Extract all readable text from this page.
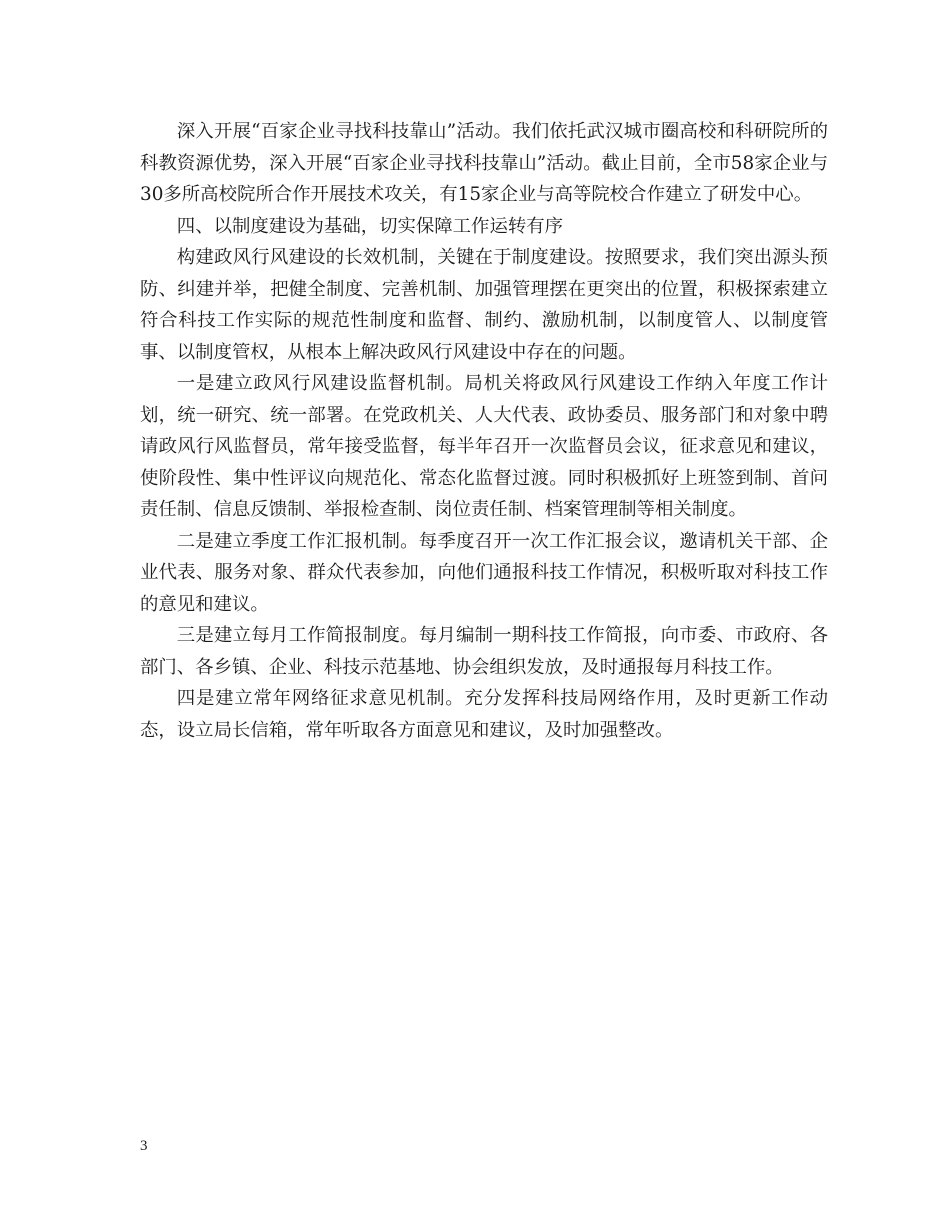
深入开展“百家企业寻找科技靠山”活动。我们依托武汉城市圈高校和科研院所的科教资源优势，深入开展“百家企业寻找科技靠山”活动。截止目前，全市58家企业与30多所高校院所合作开展技术攻关，有15家企业与高等院校合作建立了研发中心。

四、以制度建设为基础，切实保障工作运转有序

构建政风行风建设的长效机制，关键在于制度建设。按照要求，我们突出源头预防、纠建并举，把健全制度、完善机制、加强管理摆在更突出的位置，积极探索建立符合科技工作实际的规范性制度和监督、制约、激励机制，以制度管人、以制度管事、以制度管权，从根本上解决政风行风建设中存在的问题。

一是建立政风行风建设监督机制。局机关将政风行风建设工作纳入年度工作计划，统一研究、统一部署。在党政机关、人大代表、政协委员、服务部门和对象中聘请政风行风监督员，常年接受监督，每半年召开一次监督员会议，征求意见和建议，使阶段性、集中性评议向规范化、常态化监督过渡。同时积极抓好上班签到制、首问责任制、信息反馈制、举报检查制、岗位责任制、档案管理制等相关制度。

二是建立季度工作汇报机制。每季度召开一次工作汇报会议，邀请机关干部、企业代表、服务对象、群众代表参加，向他们通报科技工作情况，积极听取对科技工作的意见和建议。

三是建立每月工作简报制度。每月编制一期科技工作简报，向市委、市政府、各部门、各乡镇、企业、科技示范基地、协会组织发放，及时通报每月科技工作。

四是建立常年网络征求意见机制。充分发挥科技局网络作用，及时更新工作动态，设立局长信箱，常年听取各方面意见和建议，及时加强整改。

3
